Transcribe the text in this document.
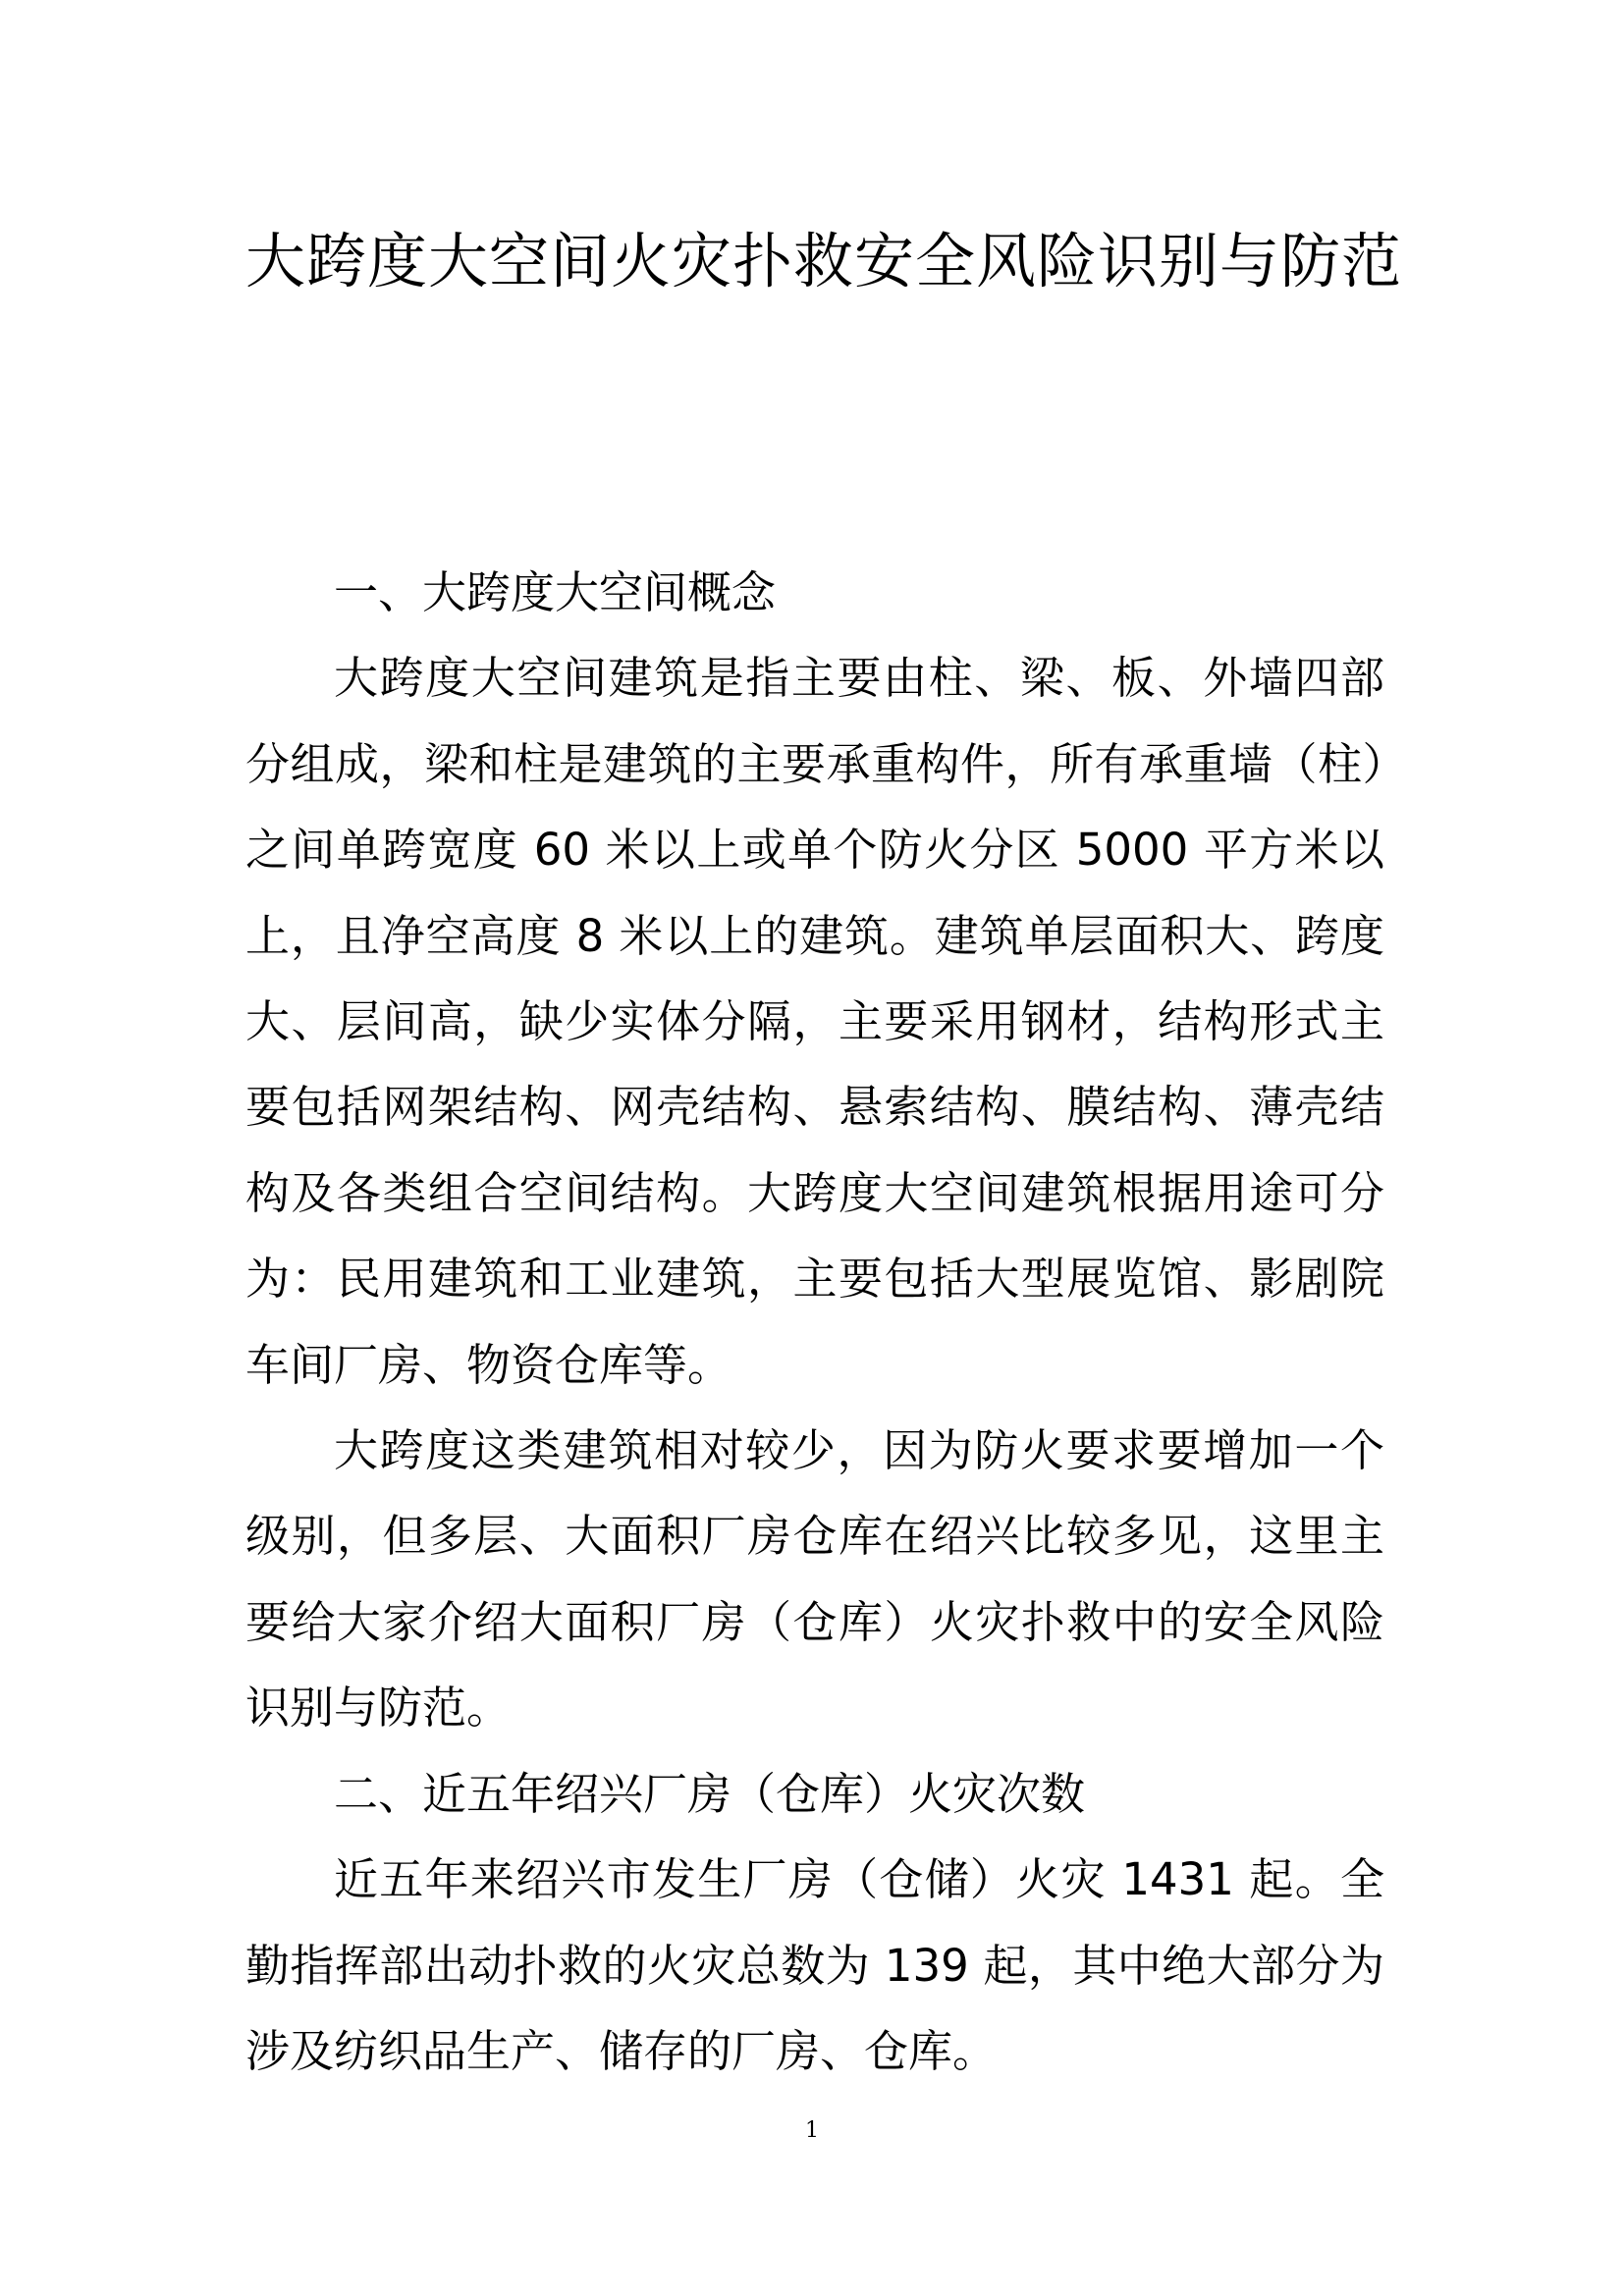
大跨度大空间火灾扑救安全风险识别与防范
一、大跨度大空间概念

大跨度大空间建筑是指主要由柱、梁、板、外墙四部分组成，梁和柱是建筑的主要承重构件，所有承重墙（柱）之间单跨宽度 60 米以上或单个防火分区 5000 平方米以上，且净空高度 8 米以上的建筑。建筑单层面积大、跨度大、层间高，缺少实体分隔，主要采用钢材，结构形式主要包括网架结构、网壳结构、悬索结构、膜结构、薄壳结构及各类组合空间结构。大跨度大空间建筑根据用途可分为：民用建筑和工业建筑，主要包括大型展览馆、影剧院车间厂房、物资仓库等。

大跨度这类建筑相对较少，因为防火要求要增加一个级别，但多层、大面积厂房仓库在绍兴比较多见，这里主要给大家介绍大面积厂房（仓库）火灾扑救中的安全风险识别与防范。

二、近五年绍兴厂房（仓库）火灾次数

近五年来绍兴市发生厂房（仓储）火灾 1431 起。全勤指挥部出动扑救的火灾总数为 139 起，其中绝大部分为涉及纺织品生产、储存的厂房、仓库。

1
